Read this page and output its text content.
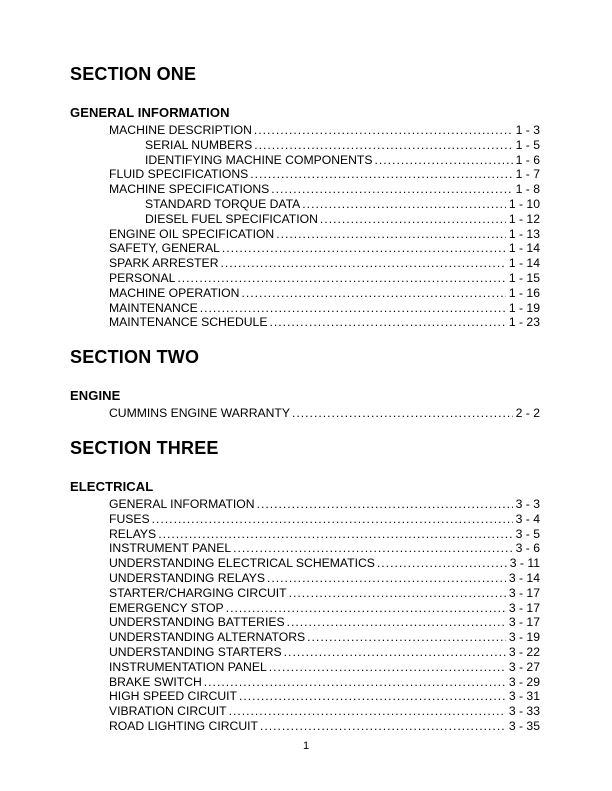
SECTION ONE
GENERAL INFORMATION
MACHINE DESCRIPTION .....	1 - 3
SERIAL NUMBERS .....	1 - 5
IDENTIFYING MACHINE COMPONENTS .....	1 - 6
FLUID SPECIFICATIONS .....	1 - 7
MACHINE SPECIFICATIONS .....	1 - 8
STANDARD TORQUE DATA .....	1 - 10
DIESEL FUEL SPECIFICATION .....	1 - 12
ENGINE OIL SPECIFICATION .....	1 - 13
SAFETY, GENERAL .....	1 - 14
SPARK ARRESTER .....	1 - 14
PERSONAL .....	1 - 15
MACHINE OPERATION .....	1 - 16
MAINTENANCE .....	1 - 19
MAINTENANCE SCHEDULE .....	1 - 23
SECTION TWO
ENGINE
CUMMINS ENGINE WARRANTY .....	2 - 2
SECTION THREE
ELECTRICAL
GENERAL INFORMATION .....	3 - 3
FUSES .....	3 - 4
RELAYS .....	3 - 5
INSTRUMENT PANEL .....	3 - 6
UNDERSTANDING ELECTRICAL SCHEMATICS .....	3 - 11
UNDERSTANDING RELAYS .....	3 - 14
STARTER/CHARGING CIRCUIT .....	3 - 17
EMERGENCY STOP .....	3 - 17
UNDERSTANDING BATTERIES .....	3 - 17
UNDERSTANDING ALTERNATORS .....	3 - 19
UNDERSTANDING STARTERS .....	3 - 22
INSTRUMENTATION PANEL .....	3 - 27
BRAKE SWITCH .....	3 - 29
HIGH SPEED CIRCUIT .....	3 - 31
VIBRATION CIRCUIT .....	3 - 33
ROAD LIGHTING CIRCUIT .....	3 - 35
1
